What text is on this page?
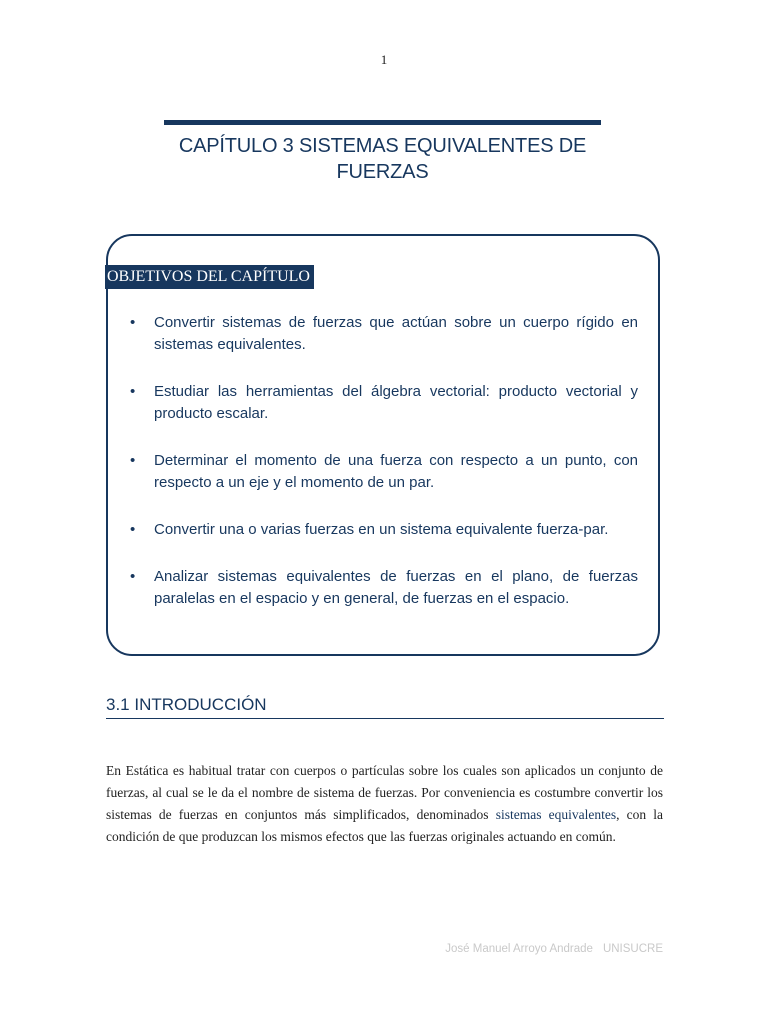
1
CAPÍTULO 3 SISTEMAS EQUIVALENTES DE FUERZAS
OBJETIVOS DEL CAPÍTULO
• Convertir sistemas de fuerzas que actúan sobre un cuerpo rígido en sistemas equivalentes.
• Estudiar las herramientas del álgebra vectorial: producto vectorial y producto escalar.
• Determinar el momento de una fuerza con respecto a un punto, con respecto a un eje y el momento de un par.
• Convertir una o varias fuerzas en un sistema equivalente fuerza-par.
• Analizar sistemas equivalentes de fuerzas en el plano, de fuerzas paralelas en el espacio y en general, de fuerzas en el espacio.
3.1 INTRODUCCIÓN

En Estática es habitual tratar con cuerpos o partículas sobre los cuales son aplicados un conjunto de fuerzas, al cual se le da el nombre de sistema de fuerzas. Por conveniencia es costumbre convertir los sistemas de fuerzas en conjuntos más simplificados, denominados sistemas equivalentes, con la condición de que produzcan los mismos efectos que las fuerzas originales actuando en común.

José Manuel Arroyo Andrade UNISUCRE
